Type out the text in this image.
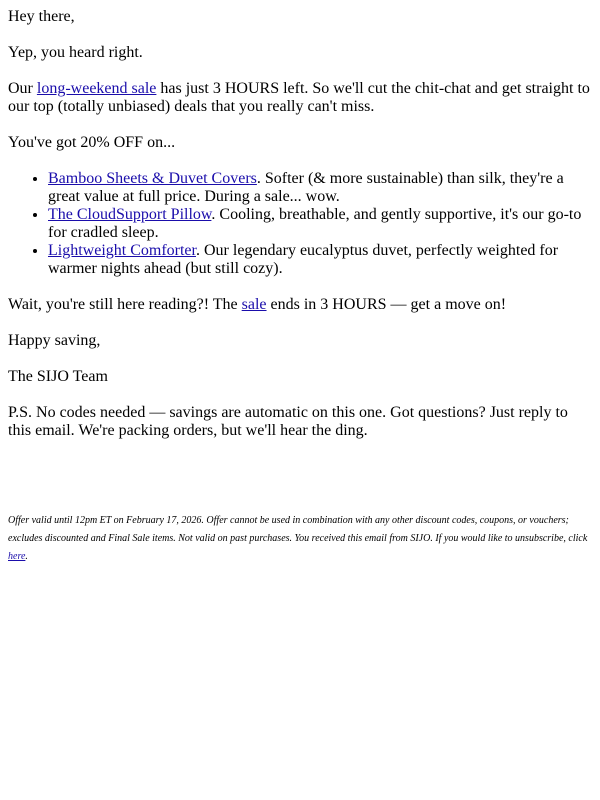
Hey there,

Yep, you heard right.

Our long-weekend sale has just 3 HOURS left. So we'll cut the chit-chat and get straight to our top (totally unbiased) deals that you really can't miss.

You've got 20% OFF on...

• Bamboo Sheets & Duvet Covers. Softer (& more sustainable) than silk, they're a great value at full price. During a sale... wow.
• The CloudSupport Pillow. Cooling, breathable, and gently supportive, it's our go-to for cradled sleep.
• Lightweight Comforter. Our legendary eucalyptus duvet, perfectly weighted for warmer nights ahead (but still cozy).

Wait, you're still here reading?! The sale ends in 3 HOURS — get a move on!

Happy saving,

The SIJO Team

P.S. No codes needed — savings are automatic on this one. Got questions? Just reply to this email. We're packing orders, but we'll hear the ding.

Offer valid until 12pm ET on February 17, 2026. Offer cannot be used in combination with any other discount codes, coupons, or vouchers; excludes discounted and Final Sale items. Not valid on past purchases. You received this email from SIJO. If you would like to unsubscribe, click here.
